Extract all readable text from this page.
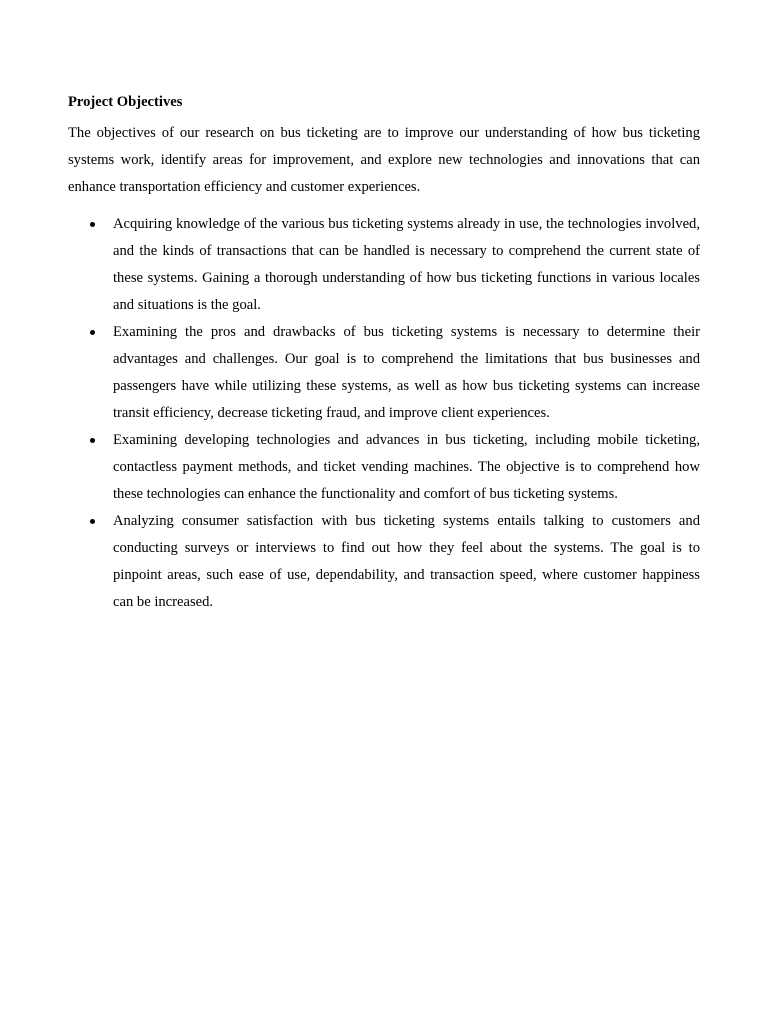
Project Objectives

The objectives of our research on bus ticketing are to improve our understanding of how bus ticketing systems work, identify areas for improvement, and explore new technologies and innovations that can enhance transportation efficiency and customer experiences.

Acquiring knowledge of the various bus ticketing systems already in use, the technologies involved, and the kinds of transactions that can be handled is necessary to comprehend the current state of these systems. Gaining a thorough understanding of how bus ticketing functions in various locales and situations is the goal.
Examining the pros and drawbacks of bus ticketing systems is necessary to determine their advantages and challenges. Our goal is to comprehend the limitations that bus businesses and passengers have while utilizing these systems, as well as how bus ticketing systems can increase transit efficiency, decrease ticketing fraud, and improve client experiences.
Examining developing technologies and advances in bus ticketing, including mobile ticketing, contactless payment methods, and ticket vending machines. The objective is to comprehend how these technologies can enhance the functionality and comfort of bus ticketing systems.
Analyzing consumer satisfaction with bus ticketing systems entails talking to customers and conducting surveys or interviews to find out how they feel about the systems. The goal is to pinpoint areas, such ease of use, dependability, and transaction speed, where customer happiness can be increased.
